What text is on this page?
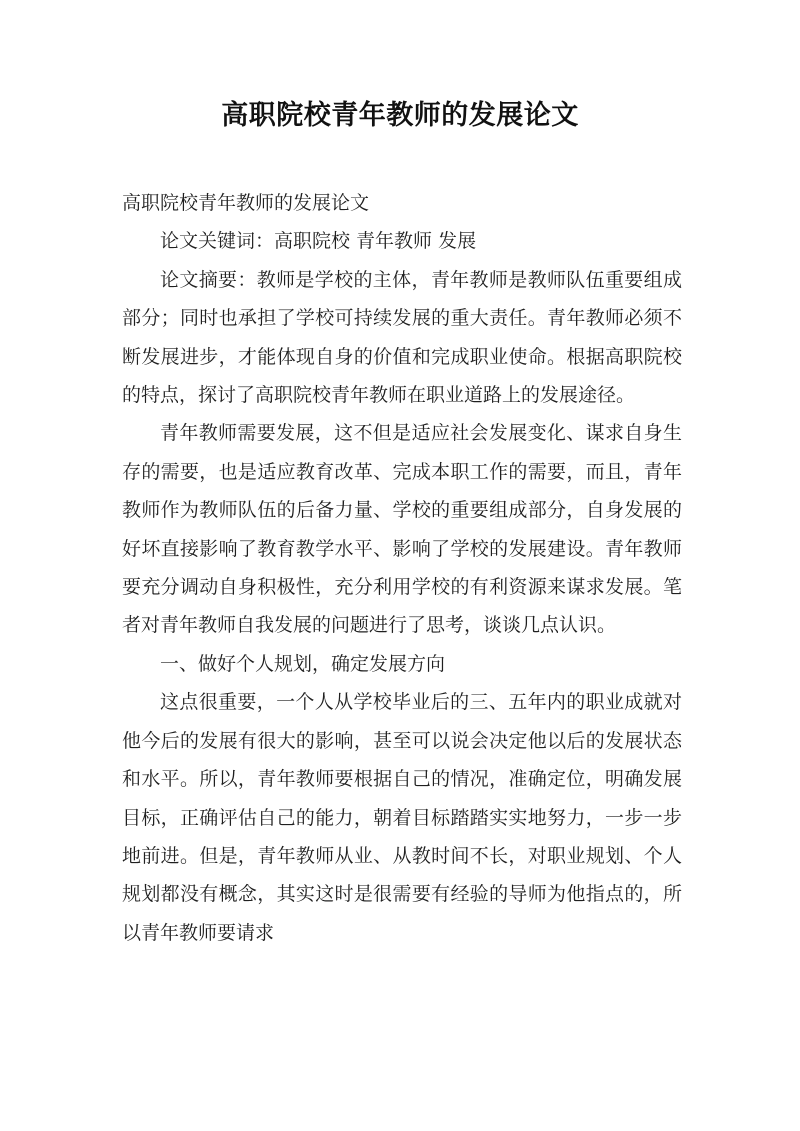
高职院校青年教师的发展论文

高职院校青年教师的发展论文

论文关键词：高职院校 青年教师 发展

论文摘要：教师是学校的主体，青年教师是教师队伍重要组成部分；同时也承担了学校可持续发展的重大责任。青年教师必须不断发展进步，才能体现自身的价值和完成职业使命。根据高职院校的特点，探讨了高职院校青年教师在职业道路上的发展途径。

青年教师需要发展，这不但是适应社会发展变化、谋求自身生存的需要，也是适应教育改革、完成本职工作的需要，而且，青年教师作为教师队伍的后备力量、学校的重要组成部分，自身发展的好坏直接影响了教育教学水平、影响了学校的发展建设。青年教师要充分调动自身积极性，充分利用学校的有利资源来谋求发展。笔者对青年教师自我发展的问题进行了思考，谈谈几点认识。

一、做好个人规划，确定发展方向

这点很重要，一个人从学校毕业后的三、五年内的职业成就对他今后的发展有很大的影响，甚至可以说会决定他以后的发展状态和水平。所以，青年教师要根据自己的情况，准确定位，明确发展目标，正确评估自己的能力，朝着目标踏踏实实地努力，一步一步地前进。但是，青年教师从业、从教时间不长，对职业规划、个人规划都没有概念，其实这时是很需要有经验的导师为他指点的，所以青年教师要请求
